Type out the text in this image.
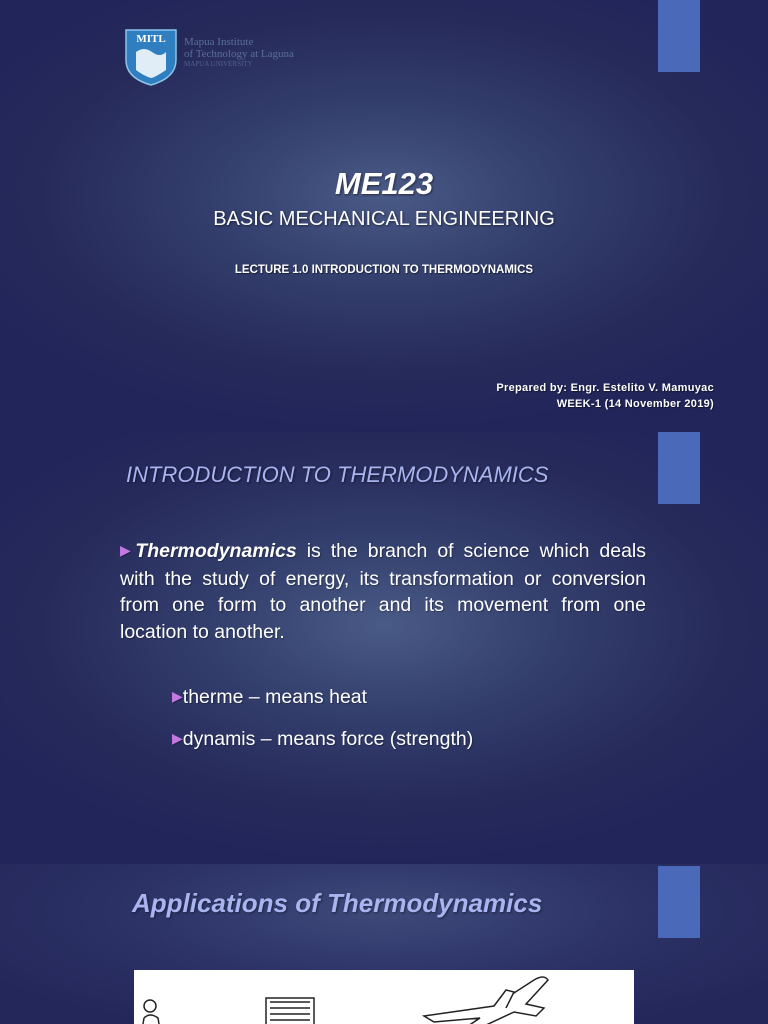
MITL Mapua Institute
of Technology at Laguna
MAPUA UNIVERSITY
ME123
BASIC MECHANICAL ENGINEERING
LECTURE 1.0 INTRODUCTION TO THERMODYNAMICS
Prepared by: Engr. Estelito V. Mamuyac
WEEK-1 (14 November 2019)
INTRODUCTION TO THERMODYNAMICS
▶Thermodynamics is the branch of science which deals with the study of energy, its transformation or conversion from one form to another and its movement from one location to another.
▶therme – means heat
▶dynamis – means force (strength)
Applications of Thermodynamics
